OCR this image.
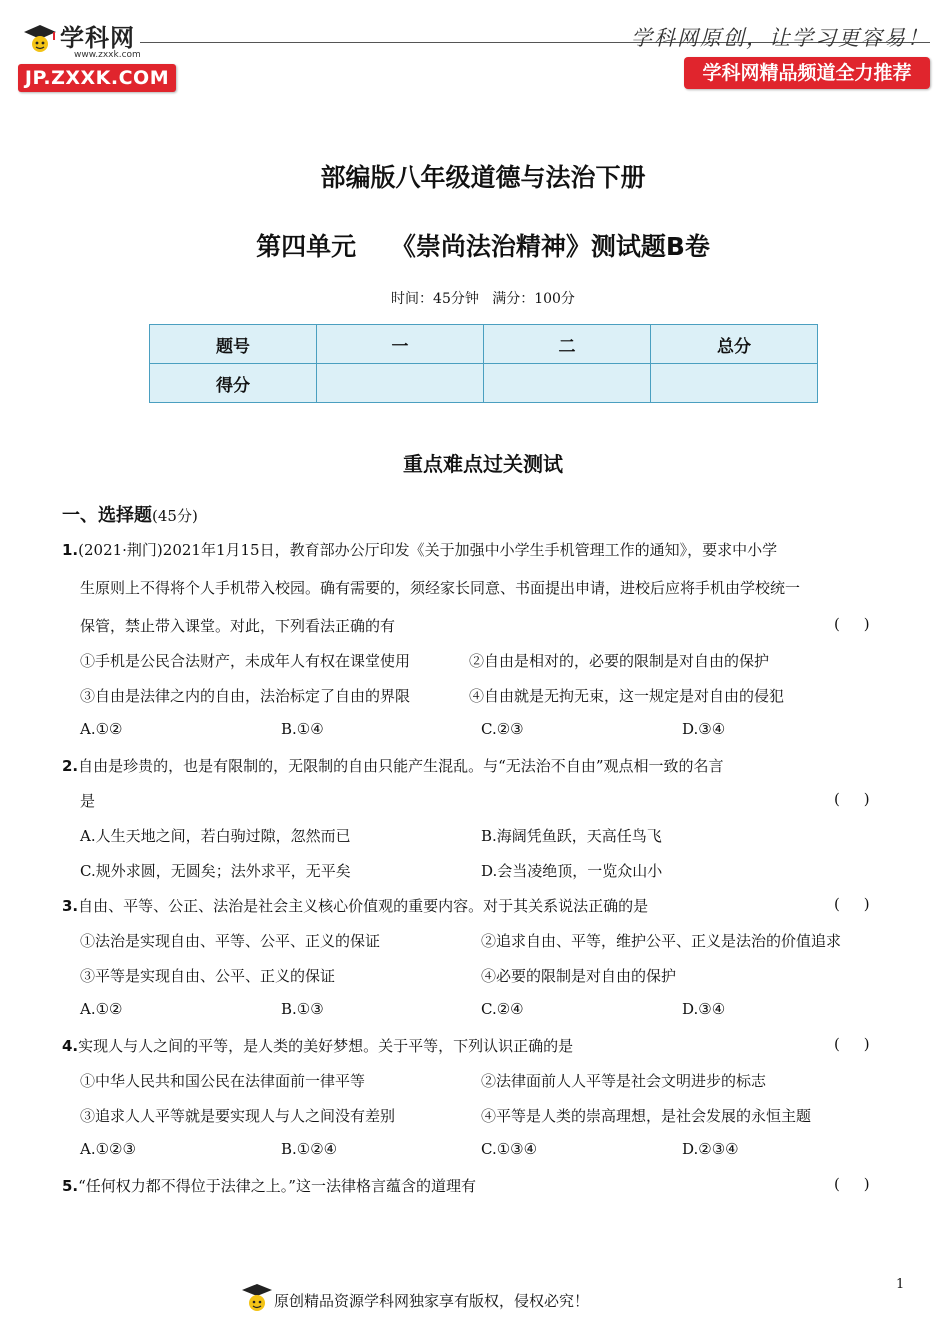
学科网
www.zxxk.com
JP.ZXXK.COM
学科网原创，让学习更容易！
学科网精品频道全力推荐
部编版八年级道德与法治下册
第四单元    《崇尚法治精神》测试题B卷
时间：45分钟   满分：100分
题号	一	二	总分
得分			
重点难点过关测试
一、选择题(45分)
1.(2021·荆门)2021年1月15日，教育部办公厅印发《关于加强中小学生手机管理工作的通知》，要求中小学
生原则上不得将个人手机带入校园。确有需要的，须经家长同意、书面提出申请，进校后应将手机由学校统一
保管，禁止带入课堂。对此，下列看法正确的有	(     )
①手机是公民合法财产，未成年人有权在课堂使用	②自由是相对的，必要的限制是对自由的保护
③自由是法律之内的自由，法治标定了自由的界限	④自由就是无拘无束，这一规定是对自由的侵犯
A.①②	B.①④	C.②③	D.③④
2.自由是珍贵的，也是有限制的，无限制的自由只能产生混乱。与“无法治不自由”观点相一致的名言
是	(     )
A.人生天地之间，若白驹过隙，忽然而已	B.海阔凭鱼跃，天高任鸟飞
C.规外求圆，无圆矣；法外求平，无平矣	D.会当凌绝顶，一览众山小
3.自由、平等、公正、法治是社会主义核心价值观的重要内容。对于其关系说法正确的是	(     )
①法治是实现自由、平等、公平、正义的保证	②追求自由、平等，维护公平、正义是法治的价值追求
③平等是实现自由、公平、正义的保证	④必要的限制是对自由的保护
A.①②	B.①③	C.②④	D.③④
4.实现人与人之间的平等，是人类的美好梦想。关于平等，下列认识正确的是	(     )
①中华人民共和国公民在法律面前一律平等	②法律面前人人平等是社会文明进步的标志
③追求人人平等就是要实现人与人之间没有差别	④平等是人类的崇高理想，是社会发展的永恒主题
A.①②③	B.①②④	C.①③④	D.②③④
5.“任何权力都不得位于法律之上。”这一法律格言蕴含的道理有	(     )
原创精品资源学科网独家享有版权，侵权必究！
1
